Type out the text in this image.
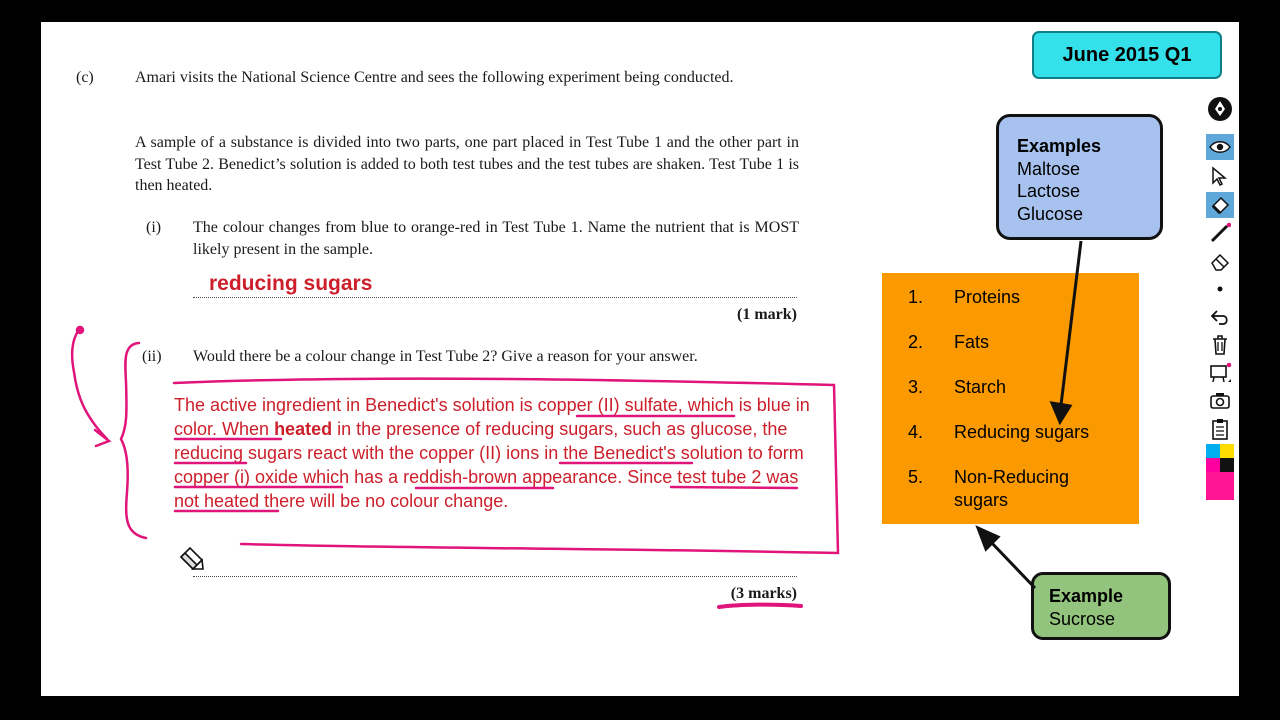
(c)	Amari visits the National Science Centre and sees the following experiment being conducted.
A sample of a substance is divided into two parts, one part placed in Test Tube 1 and the other part in Test Tube 2. Benedict’s solution is added to both test tubes and the test tubes are shaken. Test Tube 1 is then heated.
(i) The colour changes from blue to orange-red in Test Tube 1. Name the nutrient that is MOST likely present in the sample.
reducing sugars
(1 mark)
(ii) Would there be a colour change in Test Tube 2? Give a reason for your answer.
The active ingredient in Benedict's solution is copper (II) sulfate, which is blue in color. When heated in the presence of reducing sugars, such as glucose, the reducing sugars react with the copper (II) ions in the Benedict's solution to form copper (i) oxide which has a reddish-brown appearance. Since test tube 2 was not heated there will be no colour change.
(3 marks)
June 2015 Q1
Examples
Maltose
Lactose
Glucose
1. Proteins
2. Fats
3. Starch
4. Reducing sugars
5. Non-Reducing sugars
Example
Sucrose
